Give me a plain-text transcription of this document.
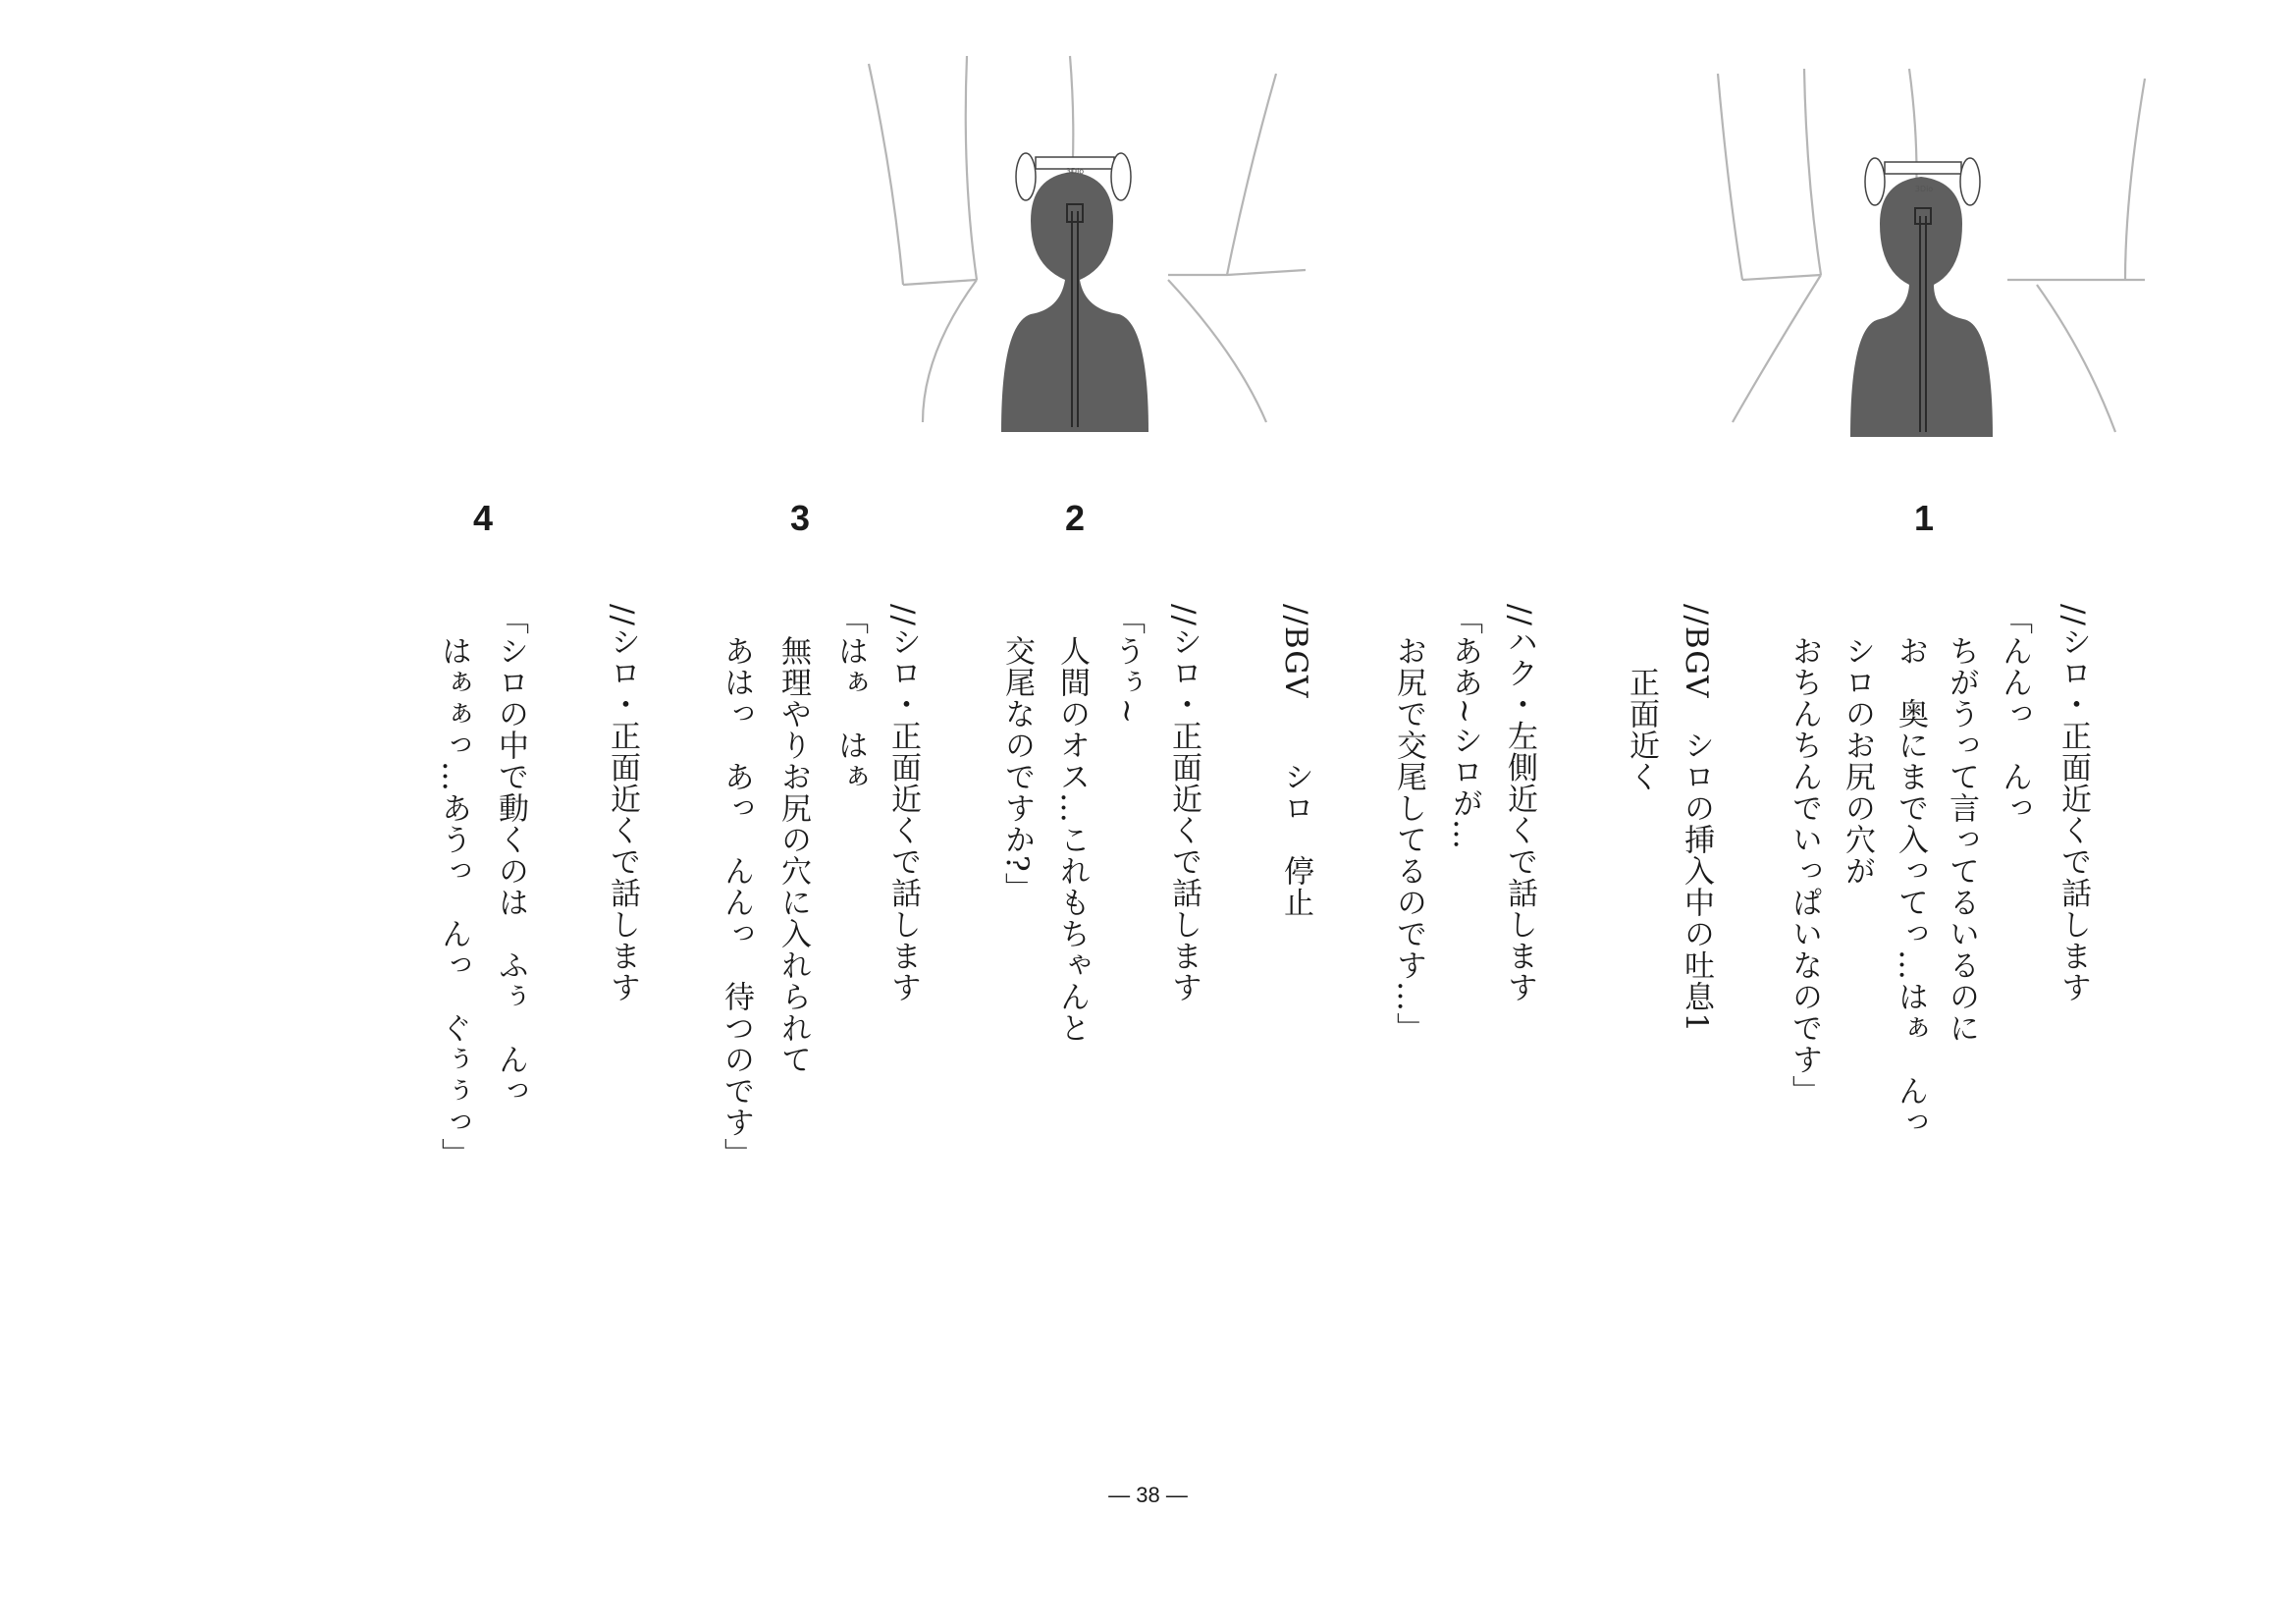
3Dio
3Dio
1
2
3
4
//シロ・正面近くで話します
「んんっ　んっ
　ちがうって言ってるいるのに
　お　奥にまで入ってっ…はぁ　んっ
　シロのお尻の穴が
　おちんちんでいっぱいなのです」
//BGV　シロの挿入中の吐息1
　　正面近く
//ハク・左側近くで話します
「ああ~シロが…
　お尻で交尾してるのです…」
//BGV　　シロ　停止
//シロ・正面近くで話します
「うぅ~
　人間のオス…これもちゃんと
　交尾なのですか?」
//シロ・正面近くで話します
「はぁ　はぁ
　無理やりお尻の穴に入れられて
　あはっ　あっ　んんっ　待つのです」
//シロ・正面近くで話します
「シロの中で動くのは　ふぅ　んっ
　はぁぁっ…あうっ　んっ　ぐぅぅっ」
― 38 ―
